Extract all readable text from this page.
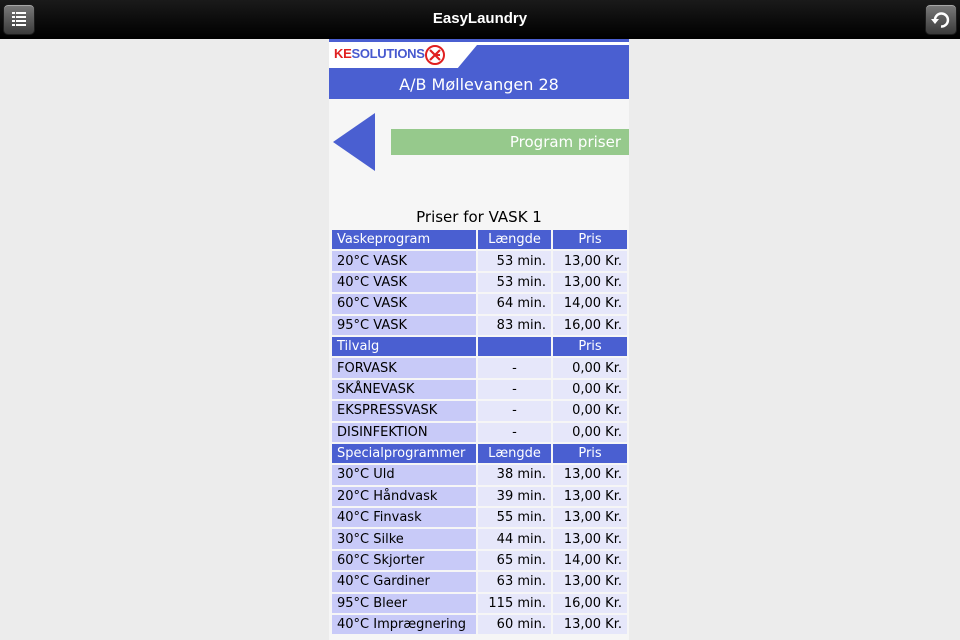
EasyLaundry
KESOLUTIONS
A/B Møllevangen 28
Program priser
Priser for VASK 1
Vaskeprogram	Længde	Pris
20°C VASK	53 min.	13,00 Kr.
40°C VASK	53 min.	13,00 Kr.
60°C VASK	64 min.	14,00 Kr.
95°C VASK	83 min.	16,00 Kr.
Tilvalg		Pris
FORVASK	-	0,00 Kr.
SKÅNEVASK	-	0,00 Kr.
EKSPRESSVASK	-	0,00 Kr.
DISINFEKTION	-	0,00 Kr.
Specialprogrammer	Længde	Pris
30°C Uld	38 min.	13,00 Kr.
20°C Håndvask	39 min.	13,00 Kr.
40°C Finvask	55 min.	13,00 Kr.
30°C Silke	44 min.	13,00 Kr.
60°C Skjorter	65 min.	14,00 Kr.
40°C Gardiner	63 min.	13,00 Kr.
95°C Bleer	115 min.	16,00 Kr.
40°C Imprægnering	60 min.	13,00 Kr.
